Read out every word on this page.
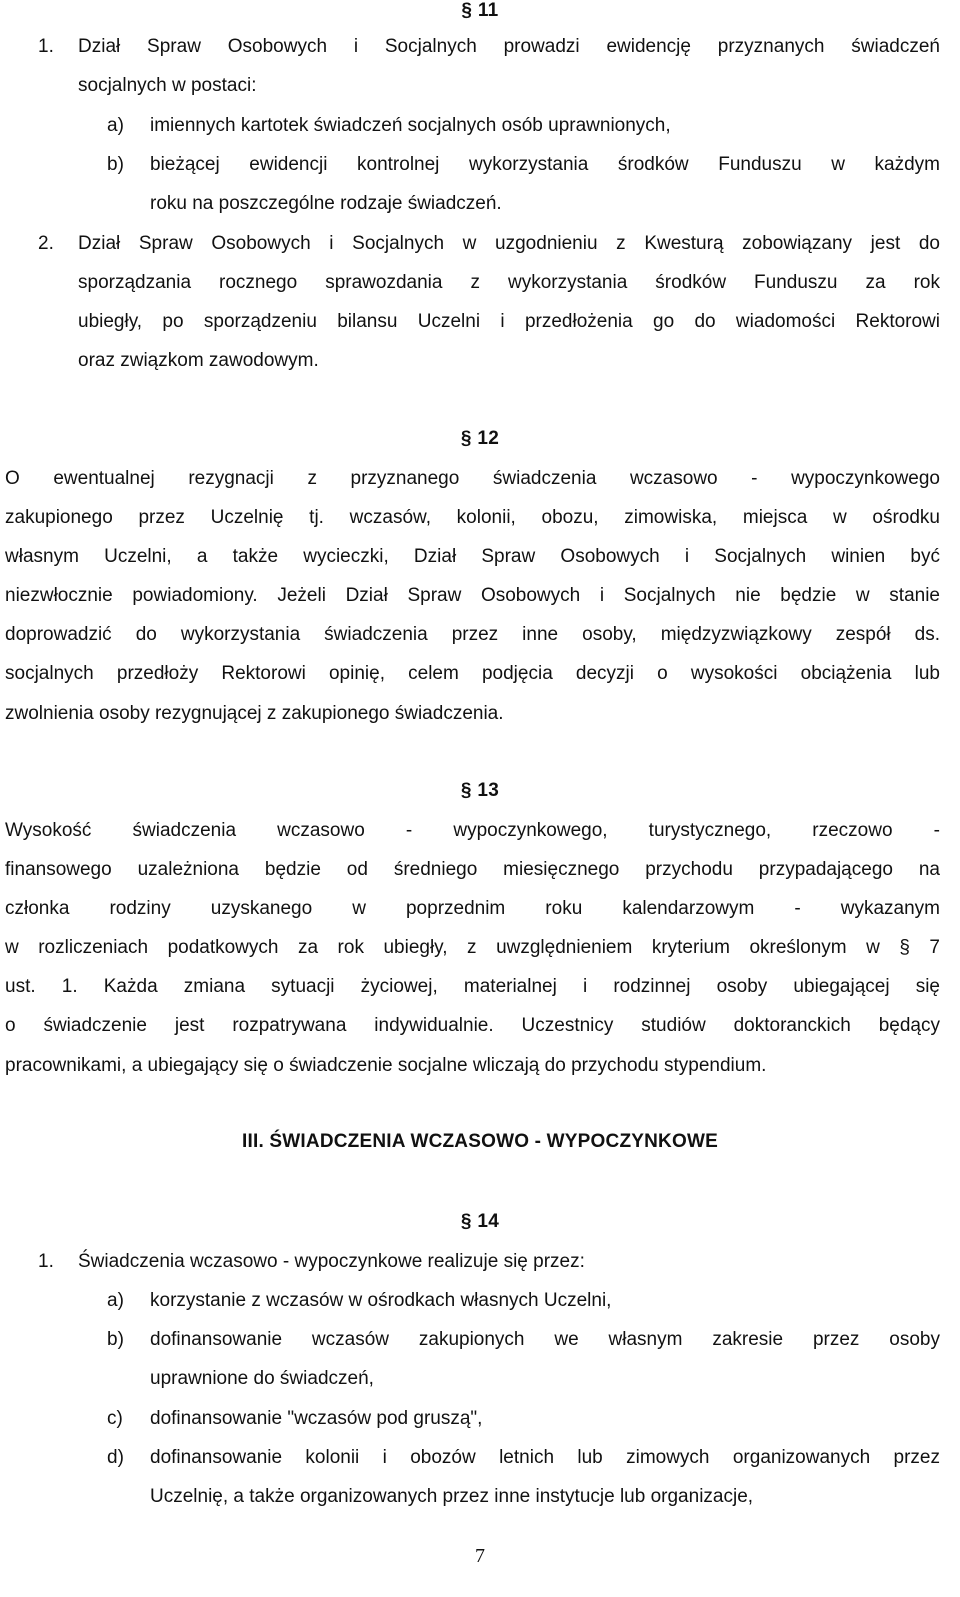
§ 11
1. Dział Spraw Osobowych i Socjalnych prowadzi ewidencję przyznanych świadczeń
socjalnych w postaci:
a) imiennych kartotek świadczeń socjalnych osób uprawnionych,
b) bieżącej ewidencji kontrolnej wykorzystania środków Funduszu w każdym
roku na poszczególne rodzaje świadczeń.
2. Dział Spraw Osobowych i Socjalnych w uzgodnieniu z Kwesturą zobowiązany jest do
sporządzania rocznego sprawozdania z wykorzystania środków Funduszu za rok
ubiegły, po sporządzeniu bilansu Uczelni i przedłożenia go do wiadomości Rektorowi
oraz związkom zawodowym.
§ 12
O ewentualnej rezygnacji z przyznanego świadczenia wczasowo - wypoczynkowego
zakupionego przez Uczelnię tj. wczasów, kolonii, obozu, zimowiska, miejsca w ośrodku
własnym Uczelni, a także wycieczki, Dział Spraw Osobowych i Socjalnych winien być
niezwłocznie powiadomiony. Jeżeli Dział Spraw Osobowych i Socjalnych nie będzie w stanie
doprowadzić do wykorzystania świadczenia przez inne osoby, międzyzwiązkowy zespół ds.
socjalnych przedłoży Rektorowi opinię, celem podjęcia decyzji o wysokości obciążenia lub
zwolnienia osoby rezygnującej z zakupionego świadczenia.
§ 13
Wysokość świadczenia wczasowo - wypoczynkowego, turystycznego, rzeczowo -
finansowego uzależniona będzie od średniego miesięcznego przychodu przypadającego na
członka rodziny uzyskanego w poprzednim roku kalendarzowym - wykazanym
w rozliczeniach podatkowych za rok ubiegły, z uwzględnieniem kryterium określonym w § 7
ust. 1. Każda zmiana sytuacji życiowej, materialnej i rodzinnej osoby ubiegającej się
o świadczenie jest rozpatrywana indywidualnie. Uczestnicy studiów doktoranckich będący
pracownikami, a ubiegający się o świadczenie socjalne wliczają do przychodu stypendium.
III. ŚWIADCZENIA WCZASOWO - WYPOCZYNKOWE
§ 14
1. Świadczenia wczasowo - wypoczynkowe realizuje się przez:
a) korzystanie z wczasów w ośrodkach własnych Uczelni,
b) dofinansowanie wczasów zakupionych we własnym zakresie przez osoby
uprawnione do świadczeń,
c) dofinansowanie "wczasów pod gruszą",
d) dofinansowanie kolonii i obozów letnich lub zimowych organizowanych przez
Uczelnię, a także organizowanych przez inne instytucje lub organizacje,
7
